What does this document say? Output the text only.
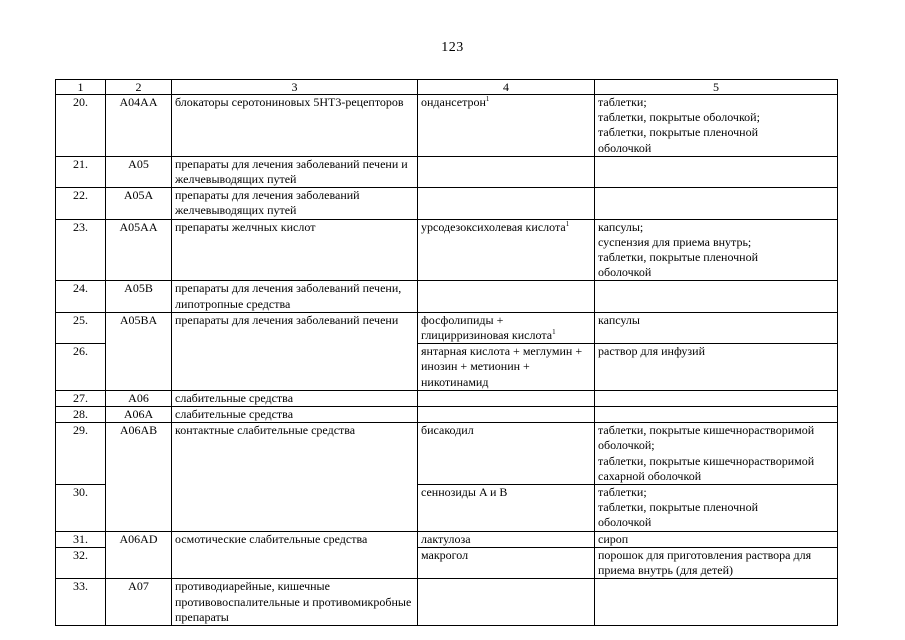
123
1	2	3	4	5
20.	A04AA	блокаторы серотониновых 5HT3-рецепторов	ондансетрон$^1$	таблетки;
таблетки, покрытые оболочкой;
таблетки, покрытые пленочной
оболочкой

21.	A05	препараты для лечения заболеваний печени и желчевыводящих путей		
22.	A05A	препараты для лечения заболеваний желчевыводящих путей		
23.	A05AA	препараты желчных кислот	урсодезоксихолевая кислота$^1$	капсулы;
суспензия для приема внутрь;
таблетки, покрытые пленочной
оболочкой

24.	A05B	препараты для лечения заболеваний печени, липотропные средства		
25.	A05BA	препараты для лечения заболеваний печени	фосфолипиды + глицирризиновая кислота$^1$	капсулы

26.			янтарная кислота + меглумин + инозин + метионин + никотинамид	раствор для инфузий

27.	A06	слабительные средства		
28.	A06A	слабительные средства		
29.	A06AB	контактные слабительные средства	бисакодил	таблетки, покрытые кишечнорастворимой
оболочкой;
таблетки, покрытые кишечнорастворимой
сахарной оболочкой

30.			сеннозиды A и B	таблетки;
таблетки, покрытые пленочной
оболочкой

31.	A06AD	осмотические слабительные средства	лактулоза	сироп

32.			макрогол	порошок для приготовления раствора для
приема внутрь (для детей)

33.	A07	противодиарейные, кишечные противовоспалительные и противомикробные препараты		
